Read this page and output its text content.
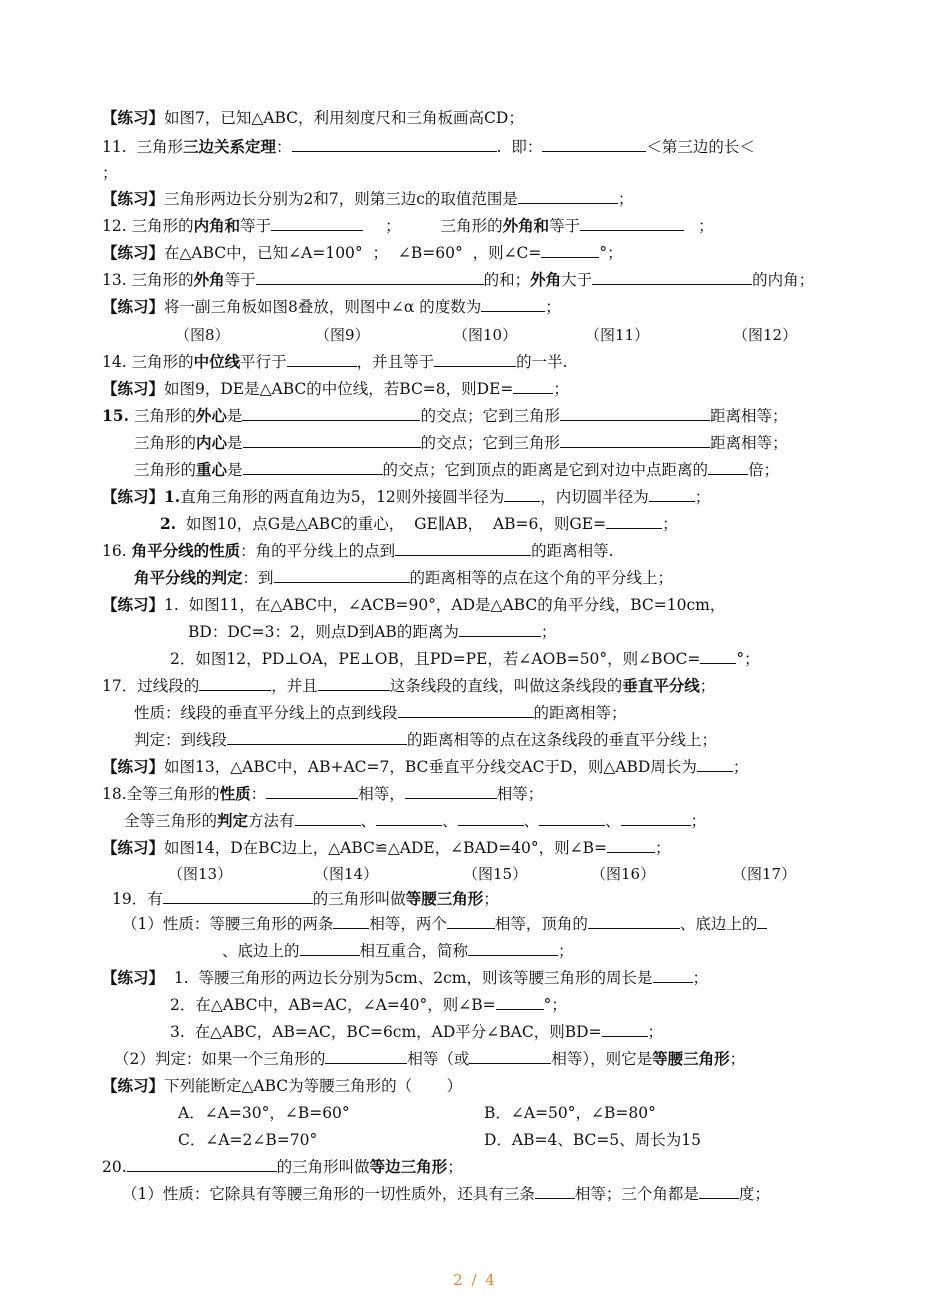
【练习】如图7，已知△ABC，利用刻度尺和三角板画高CD；
11.  三角形三边关系定理：	.  即：	＜第三边的长＜
；
【练习】三角形两边长分别为2和7，则第三边c的取值范围是	；
12. 三角形的内角和等于	；	三角形的外角和等于	；
【练习】在△ABC中，已知∠A=100°  ；  ∠B=60°  ，则∠C=	°；
13. 三角形的外角等于	的和；外角大于	的内角；
【练习】将一副三角板如图8叠放，则图中∠α 的度数为	；
（图8）	（图9）	（图10）	（图11）	（图12）
14. 三角形的中位线平行于	，并且等于	的一半.
【练习】如图9，DE是△ABC的中位线，若BC=8，则DE=	；
15. 三角形的外心是	的交点；它到三角形	距离相等；
三角形的内心是	的交点；它到三角形	距离相等；
三角形的重心是	的交点；它到顶点的距离是它到对边中点距离的	倍；
【练习】1.直角三角形的两直角边为5，12则外接圆半径为 ，内切圆半径为	；
2.  如图10，点G是△ABC的重心，  GE∥AB，  AB=6，则GE=	；
16. 角平分线的性质：角的平分线上的点到	的距离相等.
角平分线的判定：到	的距离相等的点在这个角的平分线上；
【练习】1.  如图11，在△ABC中，∠ACB=90°，AD是△ABC的角平分线，BC=10cm，
BD：DC=3：2，则点D到AB的距离为	；
2．如图12，PD⊥OA，PE⊥OB，且PD=PE，若∠AOB=50°，则∠BOC= °；
17．过线段的	，并且	这条线段的直线，叫做这条线段的垂直平分线；
性质：线段的垂直平分线上的点到线段	的距离相等；
判定：到线段	的距离相等的点在这条线段的垂直平分线上；
【练习】如图13，△ABC中，AB+AC=7，BC垂直平分线交AC于D，则△ABD周长为 ；
18.全等三角形的性质：	相等，	相等；
全等三角形的判定方法有	、	、	、	、	；
【练习】如图14，D在BC边上，△ABC≌△ADE，∠BAD=40°，则∠B=	；
（图13）	（图14）	（图15）	（图16）	（图17）
19．有	的三角形叫做等腰三角形；
（1）性质：等腰三角形的两条 相等，两个	相等，顶角的	、底边上的
、底边上的	相互重合，简称	；
【练习】  1.  等腰三角形的两边长分别为5cm、2cm，则该等腰三角形的周长是	；
2．在△ABC中，AB=AC，∠A=40°，则∠B=	°；
3.  在△ABC，AB=AC，BC=6cm，AD平分∠BAC，则BD=	；
（2）判定：如果一个三角形的	相等（或	相等），则它是等腰三角形；
【练习】下列能断定△ABC为等腰三角形的（       ）
A．∠A=30°，∠B=60°	B．∠A=50°，∠B=80°
C．∠A=2∠B=70°	D．AB=4、BC=5、周长为15
20.	的三角形叫做等边三角形；
（1）性质：它除具有等腰三角形的一切性质外，还具有三条	相等；三个角都是	度；
2 / 4
